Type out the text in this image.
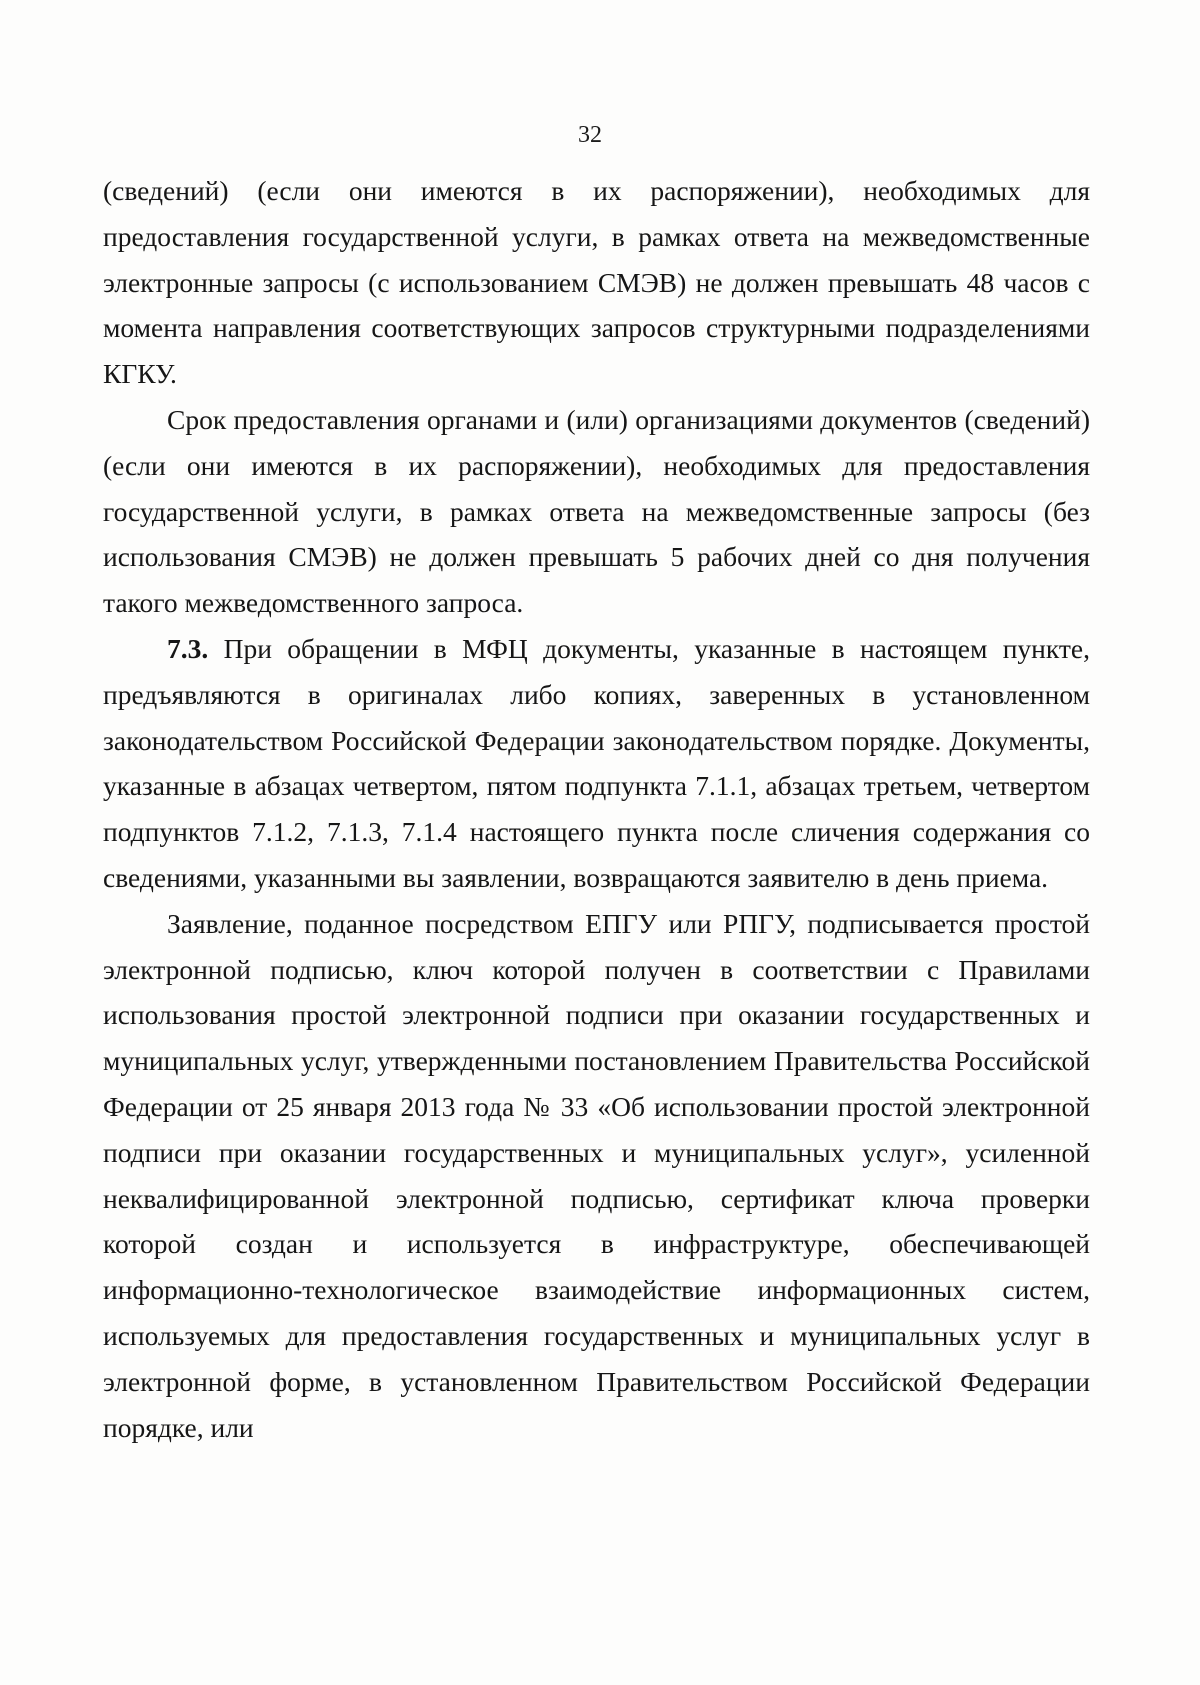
32

(сведений) (если они имеются в их распоряжении), необходимых для предоставления государственной услуги, в рамках ответа на межведомственные электронные запросы (с использованием СМЭВ) не должен превышать 48 часов с момента направления соответствующих запросов структурными подразделениями КГКУ.

Срок предоставления органами и (или) организациями документов (сведений) (если они имеются в их распоряжении), необходимых для предоставления государственной услуги, в рамках ответа на межведомственные запросы (без использования СМЭВ) не должен превышать 5 рабочих дней со дня получения такого межведомственного запроса.

7.3. При обращении в МФЦ документы, указанные в настоящем пункте, предъявляются в оригиналах либо копиях, заверенных в установленном законодательством Российской Федерации законодательством порядке. Документы, указанные в абзацах четвертом, пятом подпункта 7.1.1, абзацах третьем, четвертом подпунктов 7.1.2, 7.1.3, 7.1.4 настоящего пункта после сличения содержания со сведениями, указанными вы заявлении, возвращаются заявителю в день приема.

Заявление, поданное посредством ЕПГУ или РПГУ, подписывается простой электронной подписью, ключ которой получен в соответствии с Правилами использования простой электронной подписи при оказании государственных и муниципальных услуг, утвержденными постановлением Правительства Российской Федерации от 25 января 2013 года № 33 «Об использовании простой электронной подписи при оказании государственных и муниципальных услуг», усиленной неквалифицированной электронной подписью, сертификат ключа проверки которой создан и используется в инфраструктуре, обеспечивающей информационно-технологическое взаимодействие информационных систем, используемых для предоставления государственных и муниципальных услуг в электронной форме, в установленном Правительством Российской Федерации порядке, или
